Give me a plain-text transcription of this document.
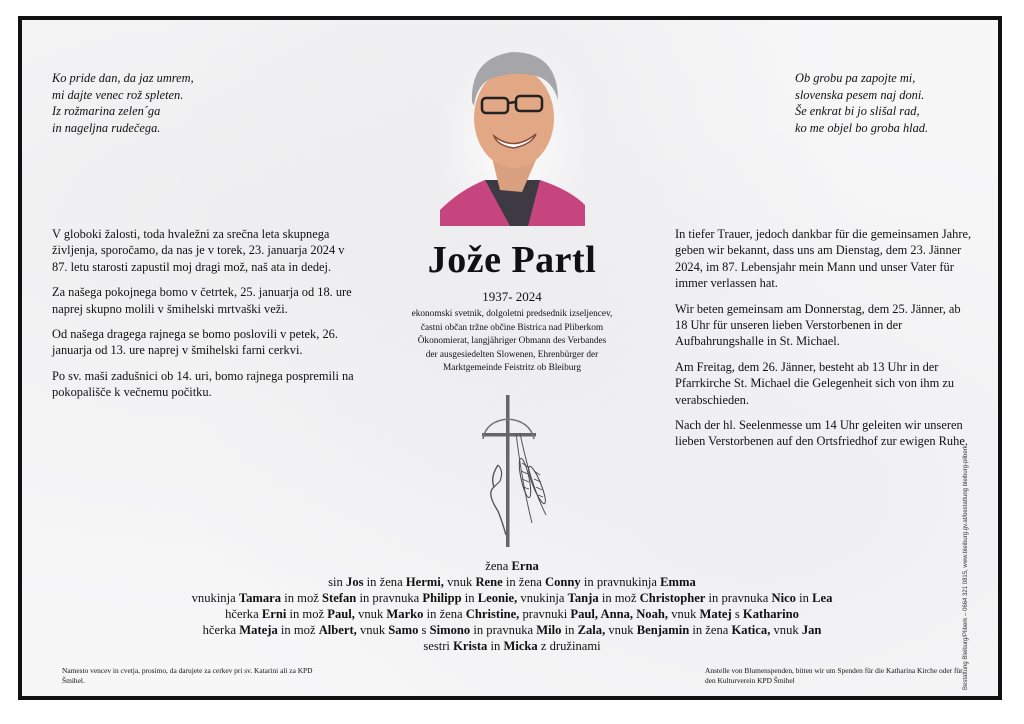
Ko pride dan, da jaz umrem,
mi dajte venec rož spleten.
Iz rožmarina zelen´ga
in nageljna rudečega.
Ob grobu pa zapojte mi,
slovenska pesem naj doni.
Še enkrat bi jo slišal rad,
ko me objel bo groba hlad.
Jože Partl
1937- 2024
ekonomski svetnik, dolgoletni predsednik izseljencev,
častni občan tržne občine Bistrica nad Pliberkom
Ökonomierat, langjähriger Obmann des Verbandes
der ausgesiedelten Slowenen, Ehrenbürger der
Marktgemeinde Feistritz ob Bleiburg

V globoki žalosti, toda hvaležni za srečna leta skupnega življenja, sporočamo, da nas je v torek, 23. januarja 2024 v 87. letu starosti zapustil moj dragi mož, naš ata in dedej.

Za našega pokojnega bomo v četrtek, 25. januarja od 18. ure naprej skupno molili v šmihelski mrtvaški veži.

Od našega dragega rajnega se bomo poslovili v petek, 26. januarja od 13. ure naprej v šmihelski farni cerkvi.

Po sv. maši zadušnici ob 14. uri, bomo rajnega pospremili na pokopališče k večnemu počitku.

In tiefer Trauer, jedoch dankbar für die gemeinsamen Jahre, geben wir bekannt, dass uns am Dienstag, dem 23. Jänner 2024, im 87. Lebensjahr mein Mann und unser Vater für immer verlassen hat.

Wir beten gemeinsam am Donnerstag, dem 25. Jänner, ab 18 Uhr für unseren lieben Verstorbenen in der Aufbahrungshalle in St. Michael.

Am Freitag, dem 26. Jänner, besteht ab 13 Uhr in der Pfarrkirche St. Michael die Gelegenheit sich von ihm zu verabschieden.

Nach der hl. Seelenmesse um 14 Uhr geleiten wir unseren lieben Verstorbenen auf den Ortsfriedhof zur ewigen Ruhe.

žena Erna
sin Jos in žena Hermi, vnuk Rene in žena Conny in pravnukinja Emma
vnukinja Tamara in mož Stefan in pravnuka Philipp in Leonie, vnukinja Tanja in mož Christopher in pravnuka Nico in Lea
hčerka Erni in mož Paul, vnuk Marko in žena Christine, pravnuki Paul, Anna, Noah, vnuk Matej s Katharino
hčerka Mateja in mož Albert, vnuk Samo s Simono in pravnuka Milo in Zala, vnuk Benjamin in žena Katica, vnuk Jan
sestri Krista in Micka z družinami
Namesto vencev in cvetja, prosimo, da darujete za cerkev pri sv. Katarini ali za KPD Šmihel.
Anstelle von Blumenspenden, bitten wir um Spenden für die Katharina Kirche oder für den Kulturverein KPD Šmihel	Bestattung Bleiburg/Pliberk – 0664 321 0815, www.bleiburg.gv.at/bestattung bleiburg-pliberk
